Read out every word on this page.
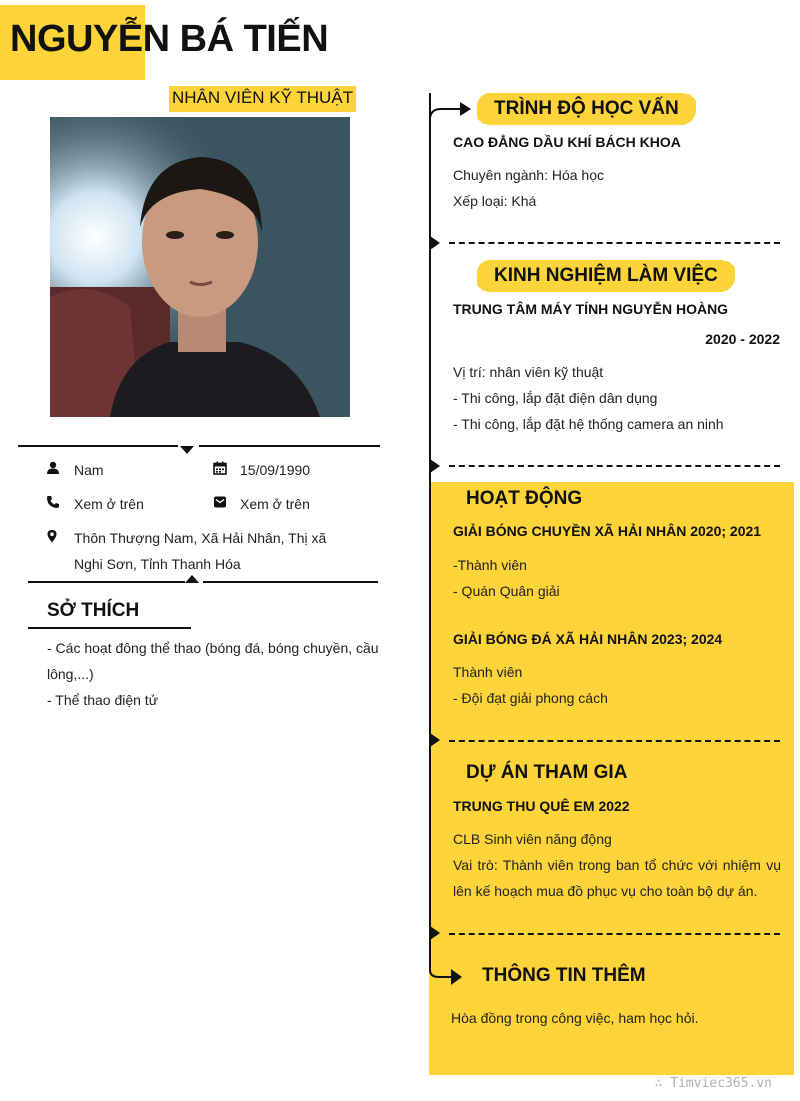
NGUYỄN BÁ TIẾN
NHÂN VIÊN KỸ THUẬT
Nam	15/09/1990
Xem ở trên	Xem ở trên
Thôn Thượng Nam, Xã Hải Nhân, Thị xã
Nghi Sơn, Tỉnh Thanh Hóa
SỞ THÍCH
- Các hoạt đông thể thao (bóng đá, bóng chuyền, cầu
lông,...)
- Thể thao điện tử
TRÌNH ĐỘ HỌC VẤN
CAO ĐẲNG DẦU KHÍ BÁCH KHOA
Chuyên ngành: Hóa học
Xếp loại: Khá
KINH NGHIỆM LÀM VIỆC
TRUNG TÂM MÁY TÍNH NGUYỄN HOÀNG
2020 - 2022
Vị trí: nhân viên kỹ thuật
- Thi công, lắp đặt điện dân dụng
- Thi công, lắp đặt hệ thống camera an ninh
HOẠT ĐỘNG
GIẢI BÓNG CHUYỀN XÃ HẢI NHÂN 2020; 2021
-Thành viên
- Quán Quân giải
GIẢI BÓNG ĐÁ XÃ HẢI NHÂN 2023; 2024
Thành viên
- Đội đạt giải phong cách
DỰ ÁN THAM GIA
TRUNG THU QUÊ EM 2022
CLB Sinh viên năng động
Vai trò: Thành viên trong ban tổ chức với nhiệm vụ lên kế hoạch mua đồ phục vụ cho toàn bộ dự án.
THÔNG TIN THÊM
Hòa đồng trong công việc, ham học hỏi.
∴ Timviec365.vn
